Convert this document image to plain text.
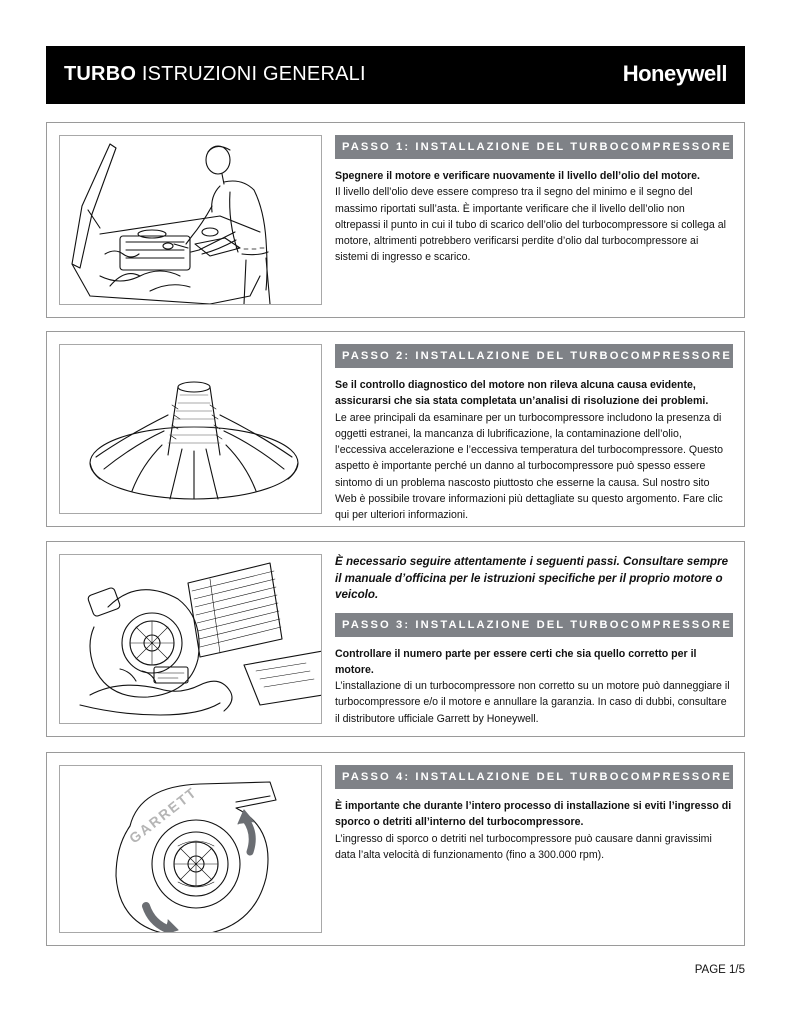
TURBO ISTRUZIONI GENERALI	Honeywell
PASSO 1: INSTALLAZIONE DEL TURBOCOMPRESSORE
Spegnere il motore e verificare nuovamente il livello dell’olio del motore.
Il livello dell’olio deve essere compreso tra il segno del minimo e il segno del massimo riportati sull’asta. È importante verificare che il livello dell’olio non oltrepassi il punto in cui il tubo di scarico dell’olio del turbocompressore si collega al motore, altrimenti potrebbero verificarsi perdite d’olio dal turbocompressore ai sistemi di ingresso e scarico.
PASSO 2: INSTALLAZIONE DEL TURBOCOMPRESSORE
Se il controllo diagnostico del motore non rileva alcuna causa evidente, assicurarsi che sia stata completata un’analisi di risoluzione dei problemi.
Le aree principali da esaminare per un turbocompressore includono la presenza di oggetti estranei, la mancanza di lubrificazione, la contaminazione dell’olio, l’eccessiva accelerazione e l’eccessiva temperatura del turbocompressore. Questo aspetto è importante perché un danno al turbocompressore può spesso essere sintomo di un problema nascosto piuttosto che esserne la causa. Sul nostro sito Web è possibile trovare informazioni più dettagliate su questo argomento. Fare clic qui per ulteriori informazioni.
È necessario seguire attentamente i seguenti passi. Consultare sempre il manuale d’officina per le istruzioni specifiche per il proprio motore o veicolo.
PASSO 3: INSTALLAZIONE DEL TURBOCOMPRESSORE
Controllare il numero parte per essere certi che sia quello corretto per il motore.
L’installazione di un turbocompressore non corretto su un motore può danneggiare il turbocompressore e/o il motore e annullare la garanzia. In caso di dubbi, consultare il distributore ufficiale Garrett by Honeywell.
GARRETT
PASSO 4: INSTALLAZIONE DEL TURBOCOMPRESSORE
È importante che durante l’intero processo di installazione si eviti l’ingresso di sporco o detriti all’interno del turbocompressore.
L’ingresso di sporco o detriti nel turbocompressore può causare danni gravissimi data l’alta velocità di funzionamento (fino a 300.000 rpm).
PAGE 1/5
